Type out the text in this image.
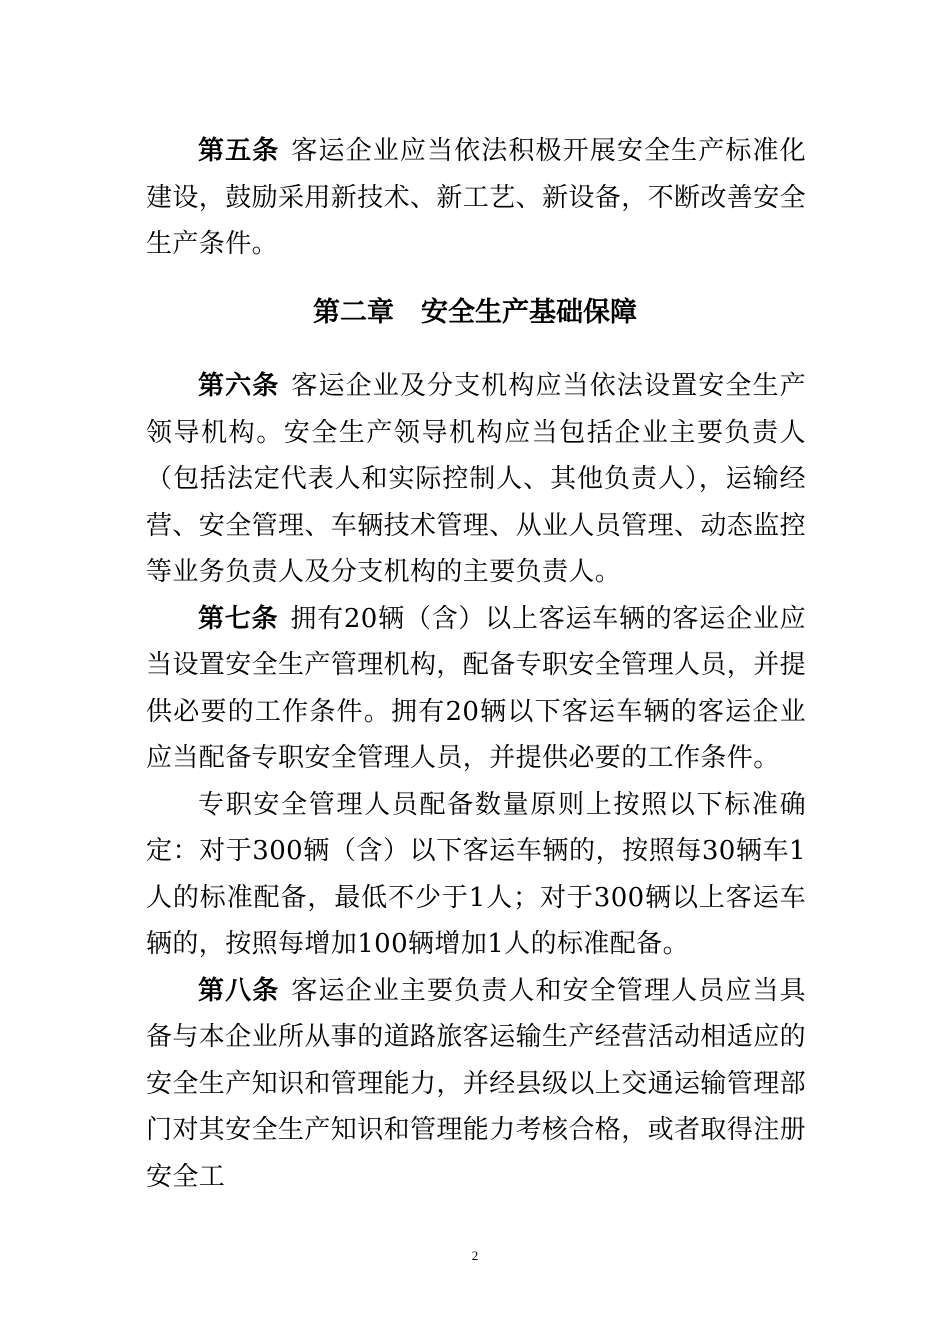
第五条 客运企业应当依法积极开展安全生产标准化建设，鼓励采用新技术、新工艺、新设备，不断改善安全生产条件。

第二章　安全生产基础保障

第六条 客运企业及分支机构应当依法设置安全生产领导机构。安全生产领导机构应当包括企业主要负责人（包括法定代表人和实际控制人、其他负责人），运输经营、安全管理、车辆技术管理、从业人员管理、动态监控等业务负责人及分支机构的主要负责人。

第七条 拥有20辆（含）以上客运车辆的客运企业应当设置安全生产管理机构，配备专职安全管理人员，并提供必要的工作条件。拥有20辆以下客运车辆的客运企业应当配备专职安全管理人员，并提供必要的工作条件。

专职安全管理人员配备数量原则上按照以下标准确定：对于300辆（含）以下客运车辆的，按照每30辆车1人的标准配备，最低不少于1人；对于300辆以上客运车辆的，按照每增加100辆增加1人的标准配备。

第八条 客运企业主要负责人和安全管理人员应当具备与本企业所从事的道路旅客运输生产经营活动相适应的安全生产知识和管理能力，并经县级以上交通运输管理部门对其安全生产知识和管理能力考核合格，或者取得注册安全工

2
